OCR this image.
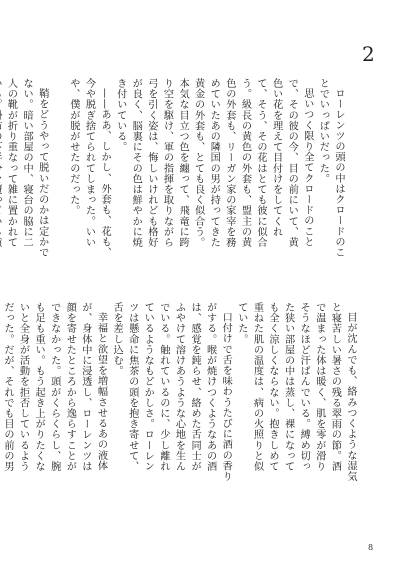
2

ローレンツの頭の中はクロードのことでいっぱいだった。

思いつく限り全てクロードのことで、その彼の今、目の前にいて、黄色い花を理えて目付けをしてくれて、そう、その花はとても彼に似合う。級長の黄色の外套も、盟主の黄色の外套も、リーガン家の家宰を務めていたあの隣国の男が持ってきた黄金の外套も、とても良く似合う。本気な目立つ色を纏って、飛竜に跨り空を駆け、軍の指揮を取りながら弓を引く姿は、悔しいけれども格好が良く、脳裏にその色は鮮やかに焼き付いている。

——ああ、しかし、外套も、花も、今や脱ぎ捨てられてしまった。いいや、僕が脱がせたのだった。

鞘をどうやって脱いだのかは定かでない。暗い部屋の中、寝台の脇に二人の靴が折り重なって雑に置かれて

目が沈んでも、絡みつくような湿気と寝苦しい暑さの残る翠雨の節。酒で温まった体は暖く、肌を零が滑りそうなほど汗ばんでいる。縛め切った狭い部屋の中は蒸し、裸になっても全く涼しくならない。抱きしめて重ねた肌の温度は、病の火照りと似ていた。

口付けで舌を味わうたびに酒の香りがする。喉が焼けつくようなあの酒は、感覚を鈍らせ、絡めた舌同士がふやけて溶けあうような心地を生んでいる。触れているのに、少し離れているようなもどかしさ。ローレンツは懸命に焦茶の頭を抱き寄せて、舌を差し込む。

幸福と欲望を増幅させるあの液体が、身体中に浸透し、ローレンツは顔を寄せたところから逸らすことができなかった。頭がくらくらし、腕も足も重い。もう起き上がりたくないと全身が活動を拒否しているようだった。だが、それでも目の前の男

8
